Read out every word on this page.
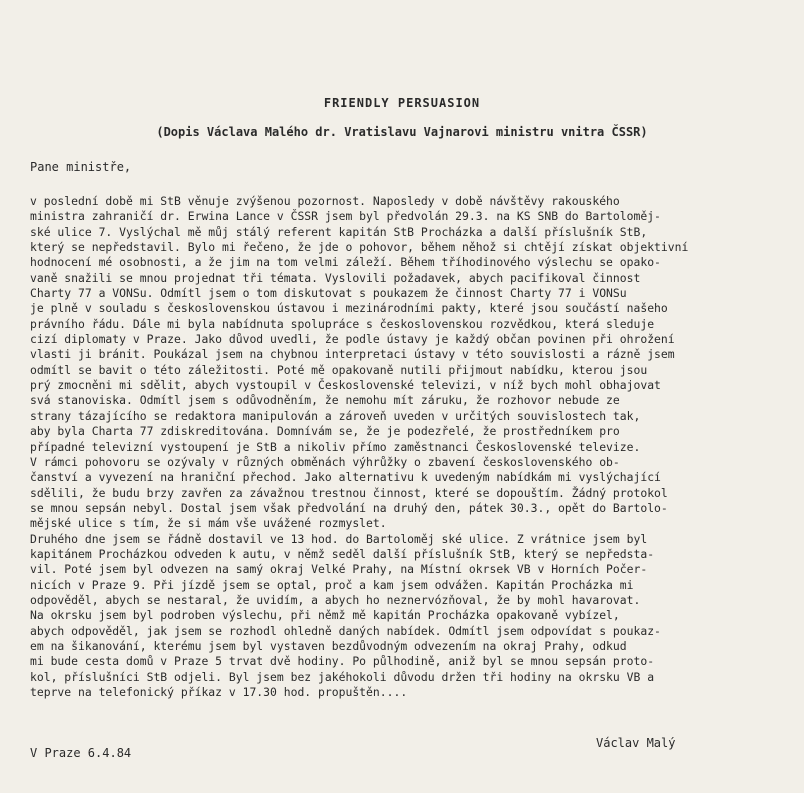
FRIENDLY PERSUASION
(Dopis Václava Malého dr. Vratislavu Vajnarovi ministru vnitra ČSSR)

Pane ministře,

v poslední době mi StB věnuje zvýšenou pozornost. Naposledy v době návštěvy rakouského
ministra zahraničí dr. Erwina Lance v ČSSR jsem byl předvolán 29.3. na KS SNB do Bartoloměj-
ské ulice 7. Vyslýchal mě můj stálý referent kapitán StB Procházka a další příslušník StB,
který se nepředstavil. Bylo mi řečeno, že jde o pohovor, během něhož si chtějí získat objektivní
hodnocení mé osobnosti, a že jim na tom velmi záleží. Během tříhodinového výslechu se opako-
vaně snažili se mnou projednat tři témata. Vyslovili požadavek, abych pacifikoval činnost
Charty 77 a VONSu. Odmítl jsem o tom diskutovat s poukazem že činnost Charty 77 i VONSu
je plně v souladu s československou ústavou i mezinárodními pakty, které jsou součástí našeho
právního řádu. Dále mi byla nabídnuta spolupráce s československou rozvědkou, která sleduje
cizí diplomaty v Praze. Jako důvod uvedli, že podle ústavy je každý občan povinen při ohrožení
vlasti ji bránit. Poukázal jsem na chybnou interpretaci ústavy v této souvislosti a rázně jsem
odmítl se bavit o této záležitosti. Poté mě opakovaně nutili přijmout nabídku, kterou jsou
prý zmocněni mi sdělit, abych vystoupil v Československé televizi, v níž bych mohl obhajovat
svá stanoviska. Odmítl jsem s odůvodněním, že nemohu mít záruku, že rozhovor nebude ze
strany tázajícího se redaktora manipulován a zároveň uveden v určitých souvislostech tak,
aby byla Charta 77 zdiskreditována. Domnívám se, že je podezřelé, že prostředníkem pro
případné televizní vystoupení je StB a nikoliv přímo zaměstnanci Československé televize.
V rámci pohovoru se ozývaly v různých obměnách výhrůžky o zbavení československého ob-
čanství a vyvezení na hraniční přechod. Jako alternativu k uvedeným nabídkám mi vyslýchající
sdělili, že budu brzy zavřen za závažnou trestnou činnost, které se dopouštím. Žádný protokol
se mnou sepsán nebyl. Dostal jsem však předvolání na druhý den, pátek 30.3., opět do Bartolo-
mějské ulice s tím, že si mám vše uvážené rozmyslet.
Druhého dne jsem se řádně dostavil ve 13 hod. do Bartoloměj ské ulice. Z vrátnice jsem byl
kapitánem Procházkou odveden k autu, v němž seděl další příslušník StB, který se nepředsta-
vil. Poté jsem byl odvezen na samý okraj Velké Prahy, na Místní okrsek VB v Horních Počer-
nicích v Praze 9. Při jízdě jsem se optal, proč a kam jsem odvážen. Kapitán Procházka mi
odpověděl, abych se nestaral, že uvidím, a abych ho neznervózňoval, že by mohl havarovat.
Na okrsku jsem byl podroben výslechu, při němž mě kapitán Procházka opakovaně vybízel,
abych odpověděl, jak jsem se rozhodl ohledně daných nabídek. Odmítl jsem odpovídat s poukaz-
em na šikanování, kterému jsem byl vystaven bezdůvodným odvezením na okraj Prahy, odkud
mi bude cesta domů v Praze 5 trvat dvě hodiny. Po půlhodině, aniž byl se mnou sepsán proto-
kol, příslušníci StB odjeli. Byl jsem bez jakéhokoli důvodu držen tři hodiny na okrsku VB a
teprve na telefonický příkaz v 17.30 hod. propuštěn....

Václav Malý

V Praze 6.4.84
